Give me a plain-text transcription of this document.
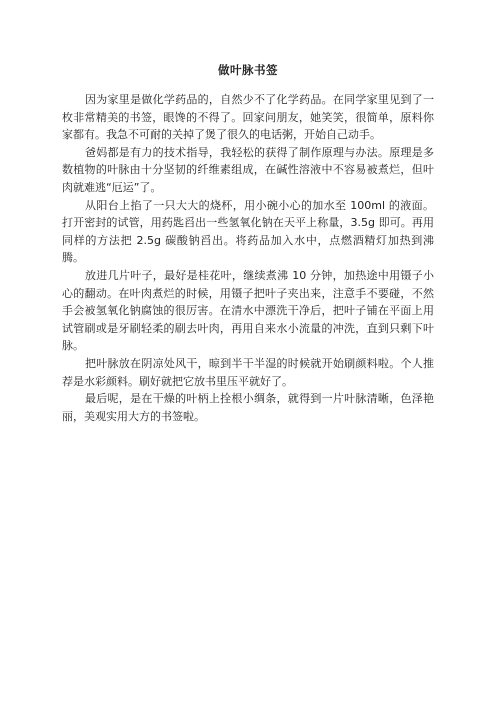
做叶脉书签

因为家里是做化学药品的，自然少不了化学药品。在同学家里见到了一枚非常精美的书签，眼馋的不得了。回家问朋友，她笑笑，很简单，原料你家都有。我急不可耐的关掉了煲了很久的电话粥，开始自己动手。

爸妈都是有力的技术指导，我轻松的获得了制作原理与办法。原理是多数植物的叶脉由十分坚韧的纤维素组成，在碱性溶液中不容易被煮烂，但叶肉就难逃“厄运”了。

从阳台上掐了一只大大的烧杯，用小碗小心的加水至 100ml 的液面。打开密封的试管，用药匙舀出一些氢氧化钠在天平上称量，3.5g 即可。再用同样的方法把 2.5g 碳酸钠舀出。将药品加入水中，点燃酒精灯加热到沸腾。

放进几片叶子，最好是桂花叶，继续煮沸 10 分钟，加热途中用镊子小心的翻动。在叶肉煮烂的时候，用镊子把叶子夹出来，注意手不要碰，不然手会被氢氧化钠腐蚀的很厉害。在清水中漂洗干净后，把叶子铺在平面上用试管刷或是牙刷轻柔的刷去叶肉，再用自来水小流量的冲洗，直到只剩下叶脉。

把叶脉放在阴凉处风干，晾到半干半湿的时候就开始刷颜料啦。个人推荐是水彩颜料。刷好就把它放书里压平就好了。

最后呢，是在干燥的叶柄上拴根小绸条，就得到一片叶脉清晰，色泽艳丽，美观实用大方的书签啦。
